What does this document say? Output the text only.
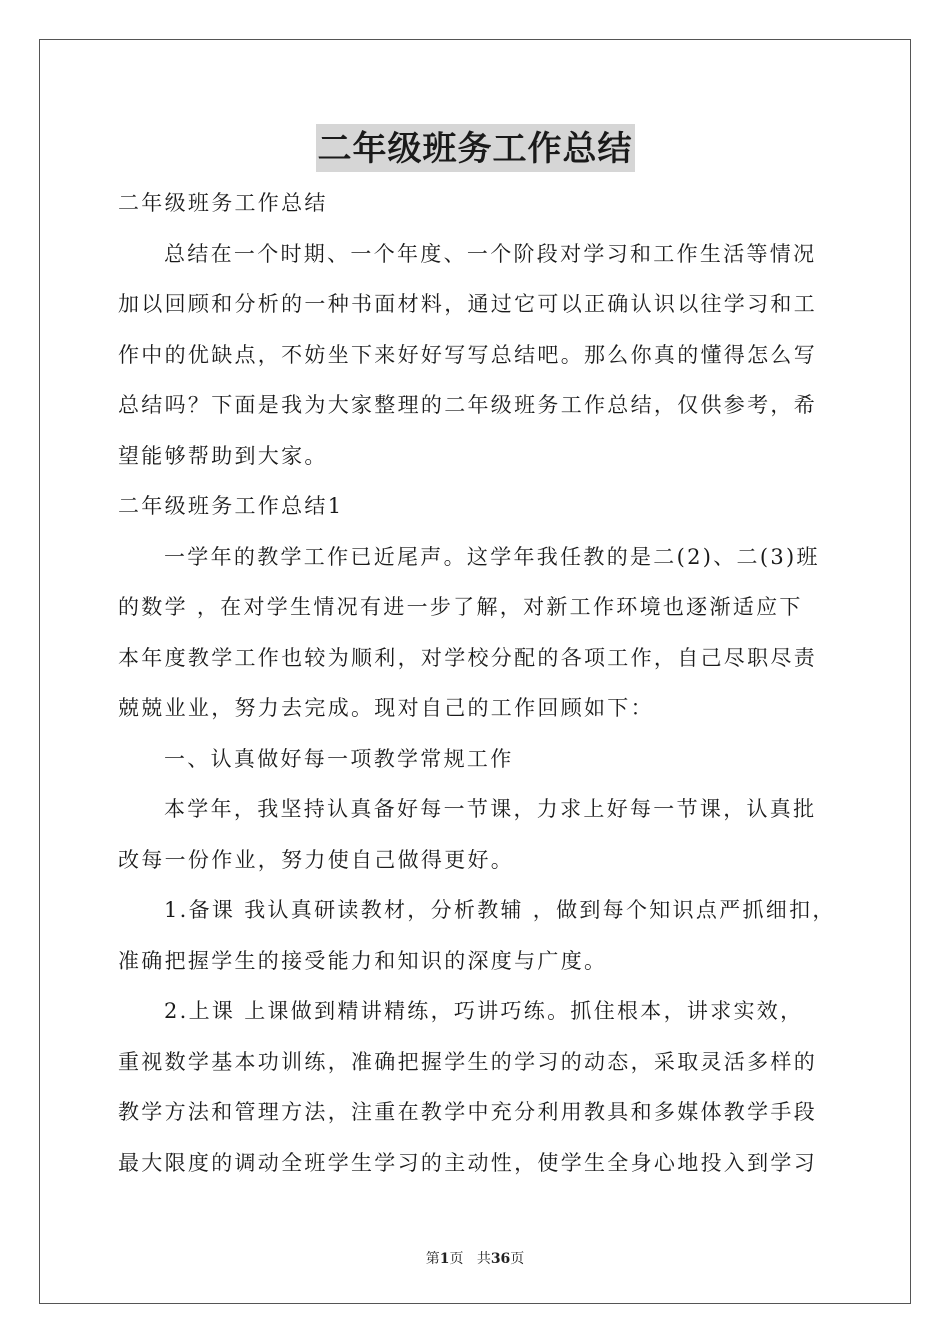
二年级班务工作总结
二年级班务工作总结
总结在一个时期、一个年度、一个阶段对学习和工作生活等情况
加以回顾和分析的一种书面材料，通过它可以正确认识以往学习和工
作中的优缺点，不妨坐下来好好写写总结吧。那么你真的懂得怎么写
总结吗？下面是我为大家整理的二年级班务工作总结，仅供参考，希
望能够帮助到大家。
二年级班务工作总结1
一学年的教学工作已近尾声。这学年我任教的是二(2)、二(3)班
的数学 ，在对学生情况有进一步了解，对新工作环境也逐渐适应下
本年度教学工作也较为顺利，对学校分配的各项工作，自己尽职尽责
兢兢业业，努力去完成。现对自己的工作回顾如下：
一、认真做好每一项教学常规工作
本学年，我坚持认真备好每一节课，力求上好每一节课，认真批
改每一份作业，努力使自己做得更好。
1.备课 我认真研读教材，分析教辅 ，做到每个知识点严抓细扣，
准确把握学生的接受能力和知识的深度与广度。
2.上课 上课做到精讲精练，巧讲巧练。抓住根本，讲求实效，
重视数学基本功训练，准确把握学生的学习的动态，采取灵活多样的
教学方法和管理方法，注重在教学中充分利用教具和多媒体教学手段
最大限度的调动全班学生学习的主动性，使学生全身心地投入到学习
第1页 共36页
